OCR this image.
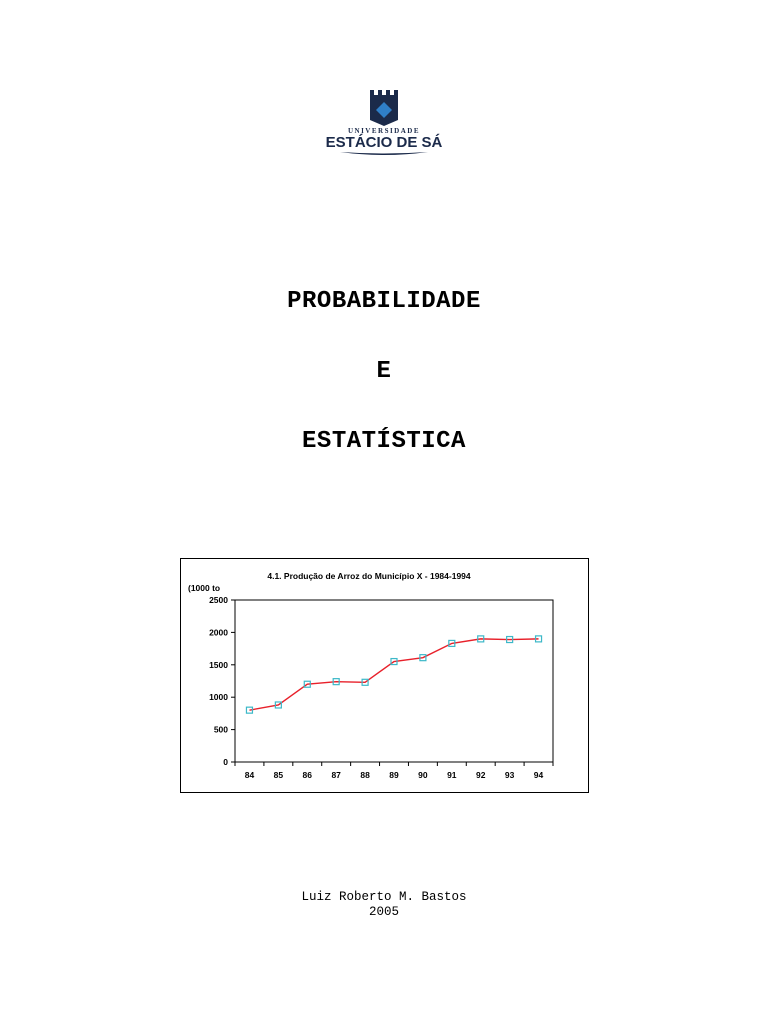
UNIVERSIDADE
ESTÁCIO DE SÁ
PROBABILIDADE
E
ESTATÍSTICA
4.1. Produção de Arroz do Município X - 1984-1994
(1000 to
0
500
1000
1500
2000
2500
84 85 86 87 88 89 90 91 92 93 94
Luiz Roberto M. Bastos
2005
